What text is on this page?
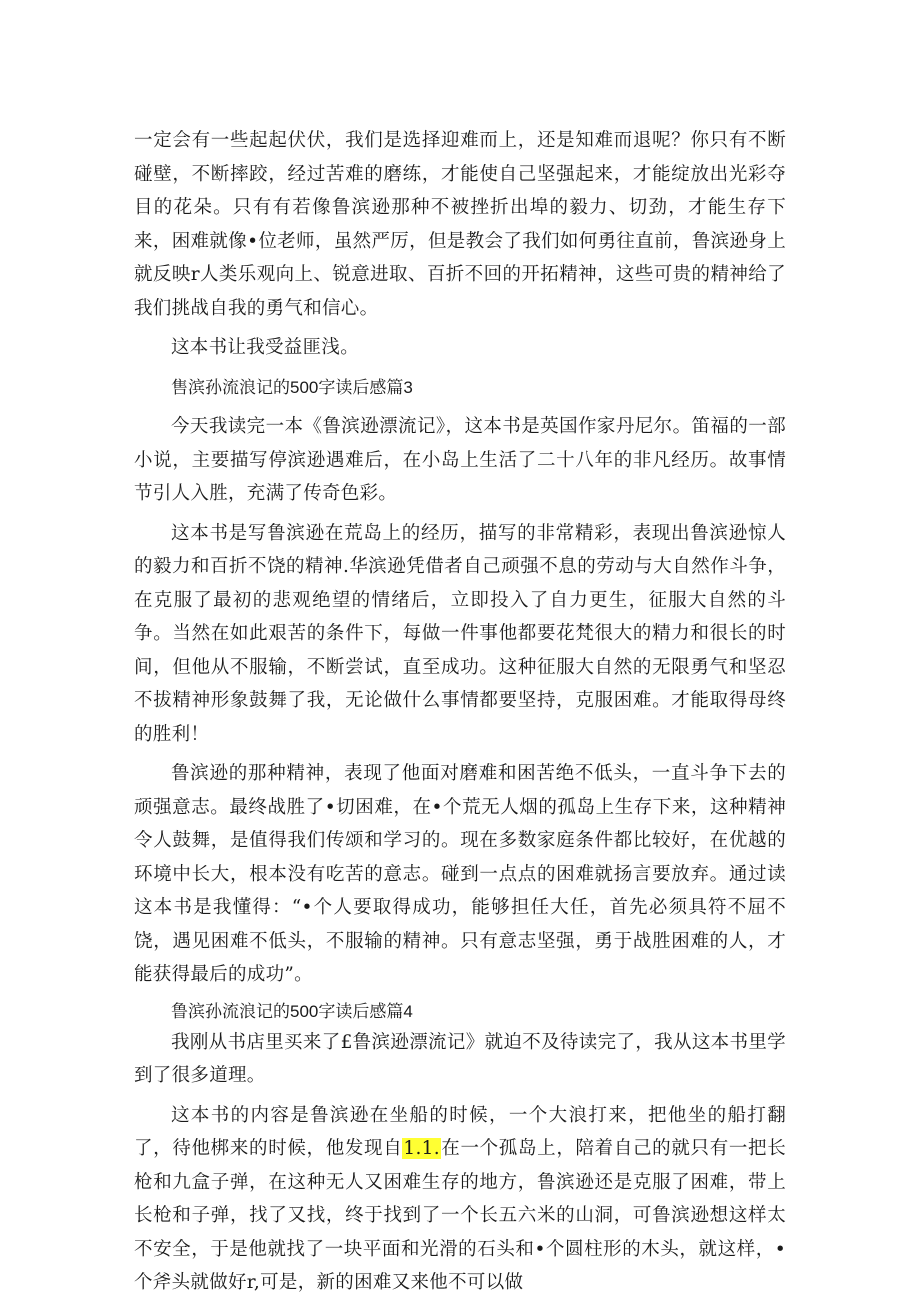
一定会有一些起起伏伏，我们是选择迎难而上，还是知难而退呢？你只有不断碰壁，不断摔跤，经过苦难的磨练，才能使自己坚强起来，才能绽放出光彩夺目的花朵。只有有若像鲁滨逊那种不被挫折出埠的毅力、切劲，才能生存下来，困难就像•位老师，虽然严厉，但是教会了我们如何勇往直前，鲁滨逊身上就反映r人类乐观向上、锐意进取、百折不回的开拓精神，这些可贵的精神给了我们挑战自我的勇气和信心。

这本书让我受益匪浅。

售滨孙流浪记的500字读后感篇3

今天我读完一本《鲁滨逊漂流记》，这本书是英国作家丹尼尔。笛福的一部小说，主要描写停滨逊遇难后，在小岛上生活了二十八年的非凡经历。故事情节引人入胜，充满了传奇色彩。

这本书是写鲁滨逊在荒岛上的经历，描写的非常精彩，表现出鲁滨逊惊人的毅力和百折不饶的精神.华滨逊凭借者自己顽强不息的劳动与大自然作斗争，在克服了最初的悲观绝望的情绪后，立即投入了自力更生，征服大自然的斗争。当然在如此艰苦的条件下，每做一件事他都要花梵很大的精力和很长的时间，但他从不服输，不断尝试，直至成功。这种征服大自然的无限勇气和坚忍不拔精神形象鼓舞了我，无论做什么事情都要坚持，克服困难。才能取得母终的胜利！

鲁滨逊的那种精神，表现了他面对磨难和困苦绝不低头，一直斗争下去的顽强意志。最终战胜了•切困难，在•个荒无人烟的孤岛上生存下来，这种精神令人鼓舞，是值得我们传颂和学习的。现在多数家庭条件都比较好，在优越的环境中长大，根本没有吃苦的意志。碰到一点点的困难就扬言要放弃。通过读这本书是我懂得：“•个人要取得成功，能够担任大任，首先必须具符不屈不饶，遇见困难不低头，不服输的精神。只有意志坚强，勇于战胜困难的人，才能获得最后的成功”。

鲁滨孙流浪记的500字读后感篇4

我刚从书店里买来了£鲁滨逊漂流记》就迫不及待读完了，我从这本书里学到了很多道理。

这本书的内容是鲁滨逊在坐船的时候，一个大浪打来，把他坐的船打翻了，待他梆来的时候，他发现自1.1.在一个孤岛上，陪着自己的就只有一把长枪和九盒子弹，在这种无人又困难生存的地方，鲁滨逊还是克服了困难，带上长枪和子弹，找了又找，终于找到了一个长五六米的山洞，可鲁滨逊想这样太不安全，于是他就找了一块平面和光滑的石头和•个圆柱形的木头，就这样，•个斧头就做好r,可是，新的困难又来他不可以做
